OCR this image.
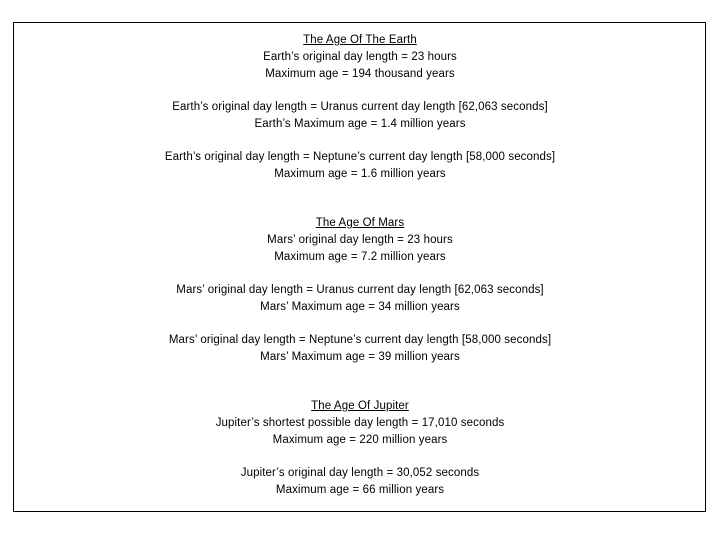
The Age Of The Earth
Earth’s original day length = 23 hours
Maximum age = 194 thousand years
Earth’s original day length = Uranus current day length [62,063 seconds]
Earth’s Maximum age = 1.4 million years
Earth’s original day length = Neptune’s current day length [58,000 seconds]
Maximum age = 1.6 million years
The Age Of Mars
Mars’ original day length = 23 hours
Maximum age = 7.2 million years
Mars’ original day length = Uranus current day length [62,063 seconds]
Mars’ Maximum age = 34 million years
Mars’ original day length = Neptune’s current day length [58,000 seconds]
Mars’ Maximum age = 39 million years
The Age Of Jupiter
Jupiter’s shortest possible day length = 17,010 seconds
Maximum age = 220 million years
Jupiter’s original day length = 30,052 seconds
Maximum age = 66 million years
